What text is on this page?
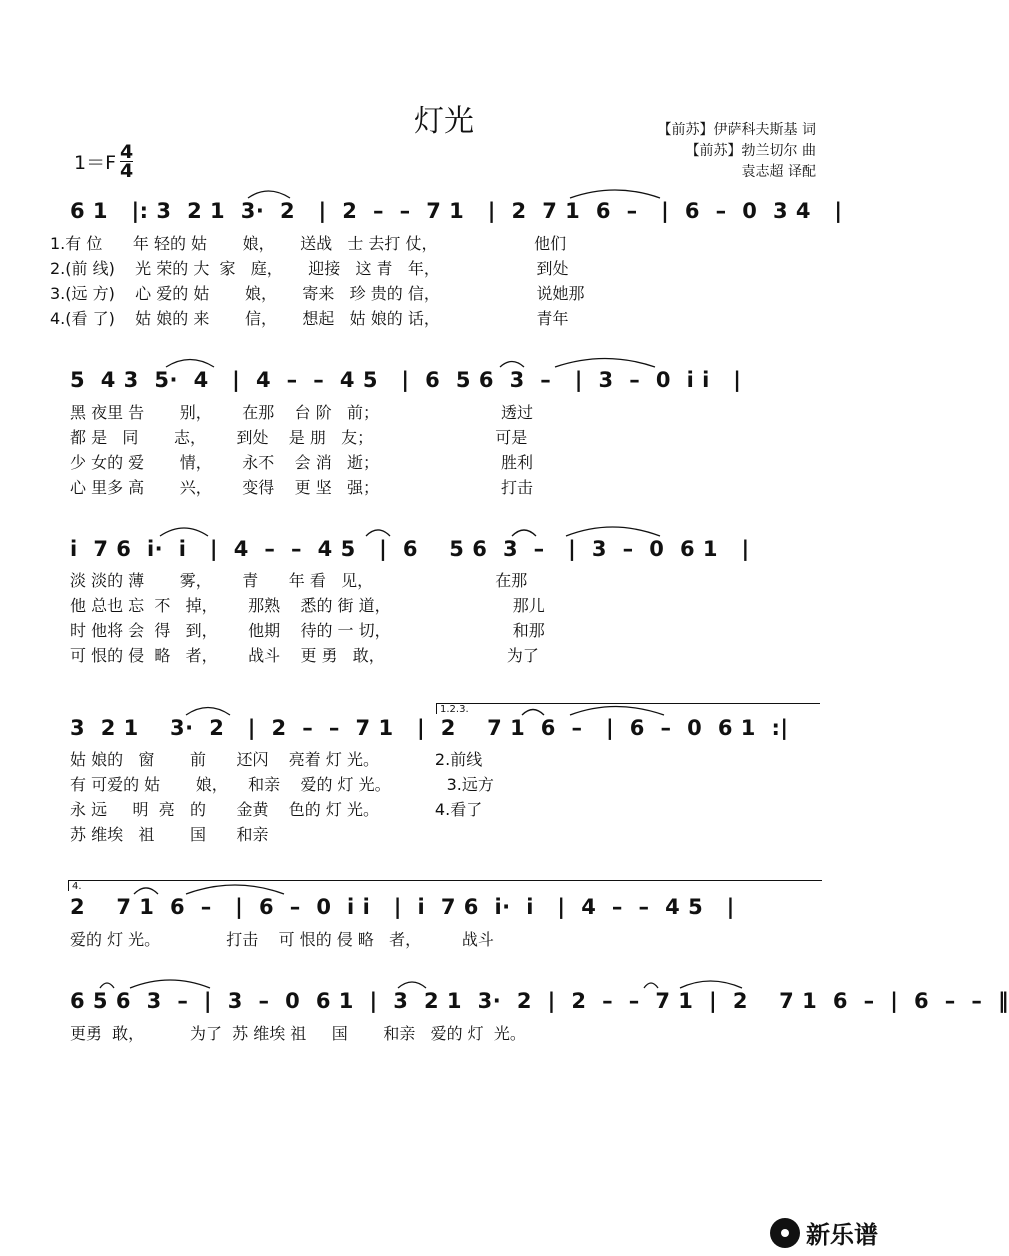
灯光	【前苏】伊萨科夫斯基 词
【前苏】勃兰切尔 曲
袁志超 译配
$1=F \frac{4}{4}$
6 1   |: 3  2 1  3·  2   |  2  –  –  7 1   |  2  7 1  6  –   |  6  –  0  3 4   |
1.有 位      年 轻的 姑       娘，     送战   士 去打 仗，                   他们
2.(前 线)    光 荣的 大  家   庭，     迎接   这 青   年，                   到处
3.(远 方)    心 爱的 姑       娘，     寄来   珍 贵的 信，                   说她那
4.(看 了)    姑 娘的 来       信，     想起   姑 娘的 话，                   青年
5  4 3  5·  4   |  4  –  –  4 5   |  6  5 6  3  –   |  3  –  0  i i   |
黑 夜里 告       别，      在那    台 阶   前；                        透过
都 是   同       志，      到处    是 朋   友；                        可是
少 女的 爱       情，      永不    会 消   逝；                        胜利
心 里多 高       兴，      变得    更 坚   强；                        打击
i  7 6  i·  i   |  4  –  –  4 5   |  6    5 6  3  –   |  3  –  0  6 1   |
淡 淡的 薄       雾，      青      年 看   见，                        在那
他 总也 忘  不   掉，      那熟    悉的 街 道，                        那儿
时 他将 会  得   到，      他期    待的 一 切，                        和那
可 恨的 侵  略   者，      战斗    更 勇   敢，                        为了
1.2.3.
3  2 1    3·  2   |  2  –  –  7 1   |  2    7 1  6  –   |  6  –  0  6 1  :|
姑 娘的   窗       前      还闪    亮着 灯 光。           2.前线
有 可爱的 姑       娘，    和亲    爱的 灯 光。           3.远方
永 远     明  亮   的      金黄    色的 灯 光。           4.看了
苏 维埃   祖       国      和亲
4.
2    7 1  6  –   |  6  –  0  i i   |  i  7 6  i·  i   |  4  –  –  4 5   |
爱的 灯 光。             打击    可 恨的 侵 略   者，        战斗
6 5 6  3  –  |  3  –  0  6 1  |  3  2 1  3·  2  |  2  –  –  7 1  |  2    7 1  6  –  |  6  –  –  ‖
更勇  敢，         为了  苏 维埃 祖     国       和亲   爱的 灯  光。
新乐谱
